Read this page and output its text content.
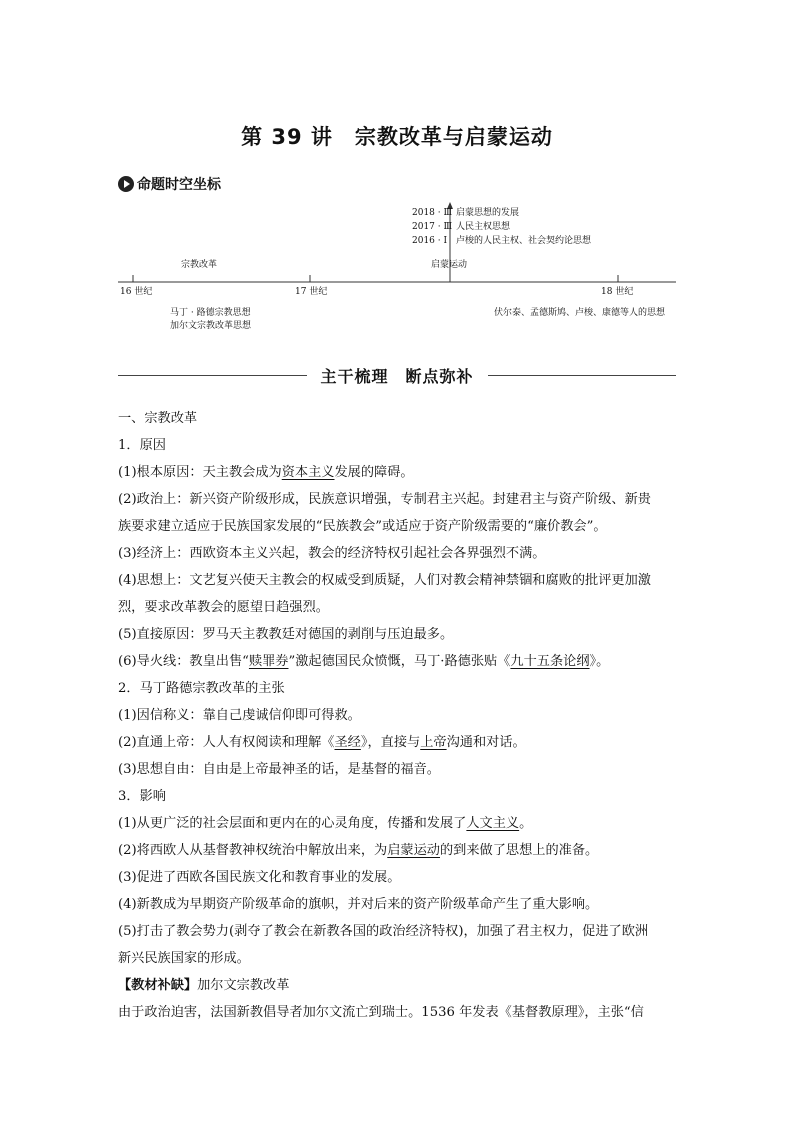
第 39 讲　宗教改革与启蒙运动
命题时空坐标
2018 · Ⅲ 启蒙思想的发展
2017 · Ⅲ 人民主权思想
2016 · Ⅰ 卢梭的人民主权、社会契约论思想
宗教改革	启蒙运动
16 世纪	17 世纪	18 世纪
马丁 · 路德宗教思想
加尔文宗教改革思想
伏尔泰、孟德斯鸠、卢梭、康德等人的思想
主干梳理　断点弥补

一、宗教改革

1．原因

(1)根本原因：天主教会成为资本主义发展的障碍。

(2)政治上：新兴资产阶级形成，民族意识增强，专制君主兴起。封建君主与资产阶级、新贵

族要求建立适应于民族国家发展的“民族教会”或适应于资产阶级需要的“廉价教会”。

(3)经济上：西欧资本主义兴起，教会的经济特权引起社会各界强烈不满。

(4)思想上：文艺复兴使天主教会的权威受到质疑，人们对教会精神禁锢和腐败的批评更加激

烈，要求改革教会的愿望日趋强烈。

(5)直接原因：罗马天主教教廷对德国的剥削与压迫最多。

(6)导火线：教皇出售“赎罪券”激起德国民众愤慨，马丁·路德张贴《九十五条论纲》。

2．马丁路德宗教改革的主张

(1)因信称义：靠自己虔诚信仰即可得救。

(2)直通上帝：人人有权阅读和理解《圣经》，直接与上帝沟通和对话。

(3)思想自由：自由是上帝最神圣的话，是基督的福音。

3．影响

(1)从更广泛的社会层面和更内在的心灵角度，传播和发展了人文主义。

(2)将西欧人从基督教神权统治中解放出来，为启蒙运动的到来做了思想上的准备。

(3)促进了西欧各国民族文化和教育事业的发展。

(4)新教成为早期资产阶级革命的旗帜，并对后来的资产阶级革命产生了重大影响。

(5)打击了教会势力(剥夺了教会在新教各国的政治经济特权)，加强了君主权力，促进了欧洲

新兴民族国家的形成。

【教材补缺】加尔文宗教改革

由于政治迫害，法国新教倡导者加尔文流亡到瑞士。1536 年发表《基督教原理》，主张“信
